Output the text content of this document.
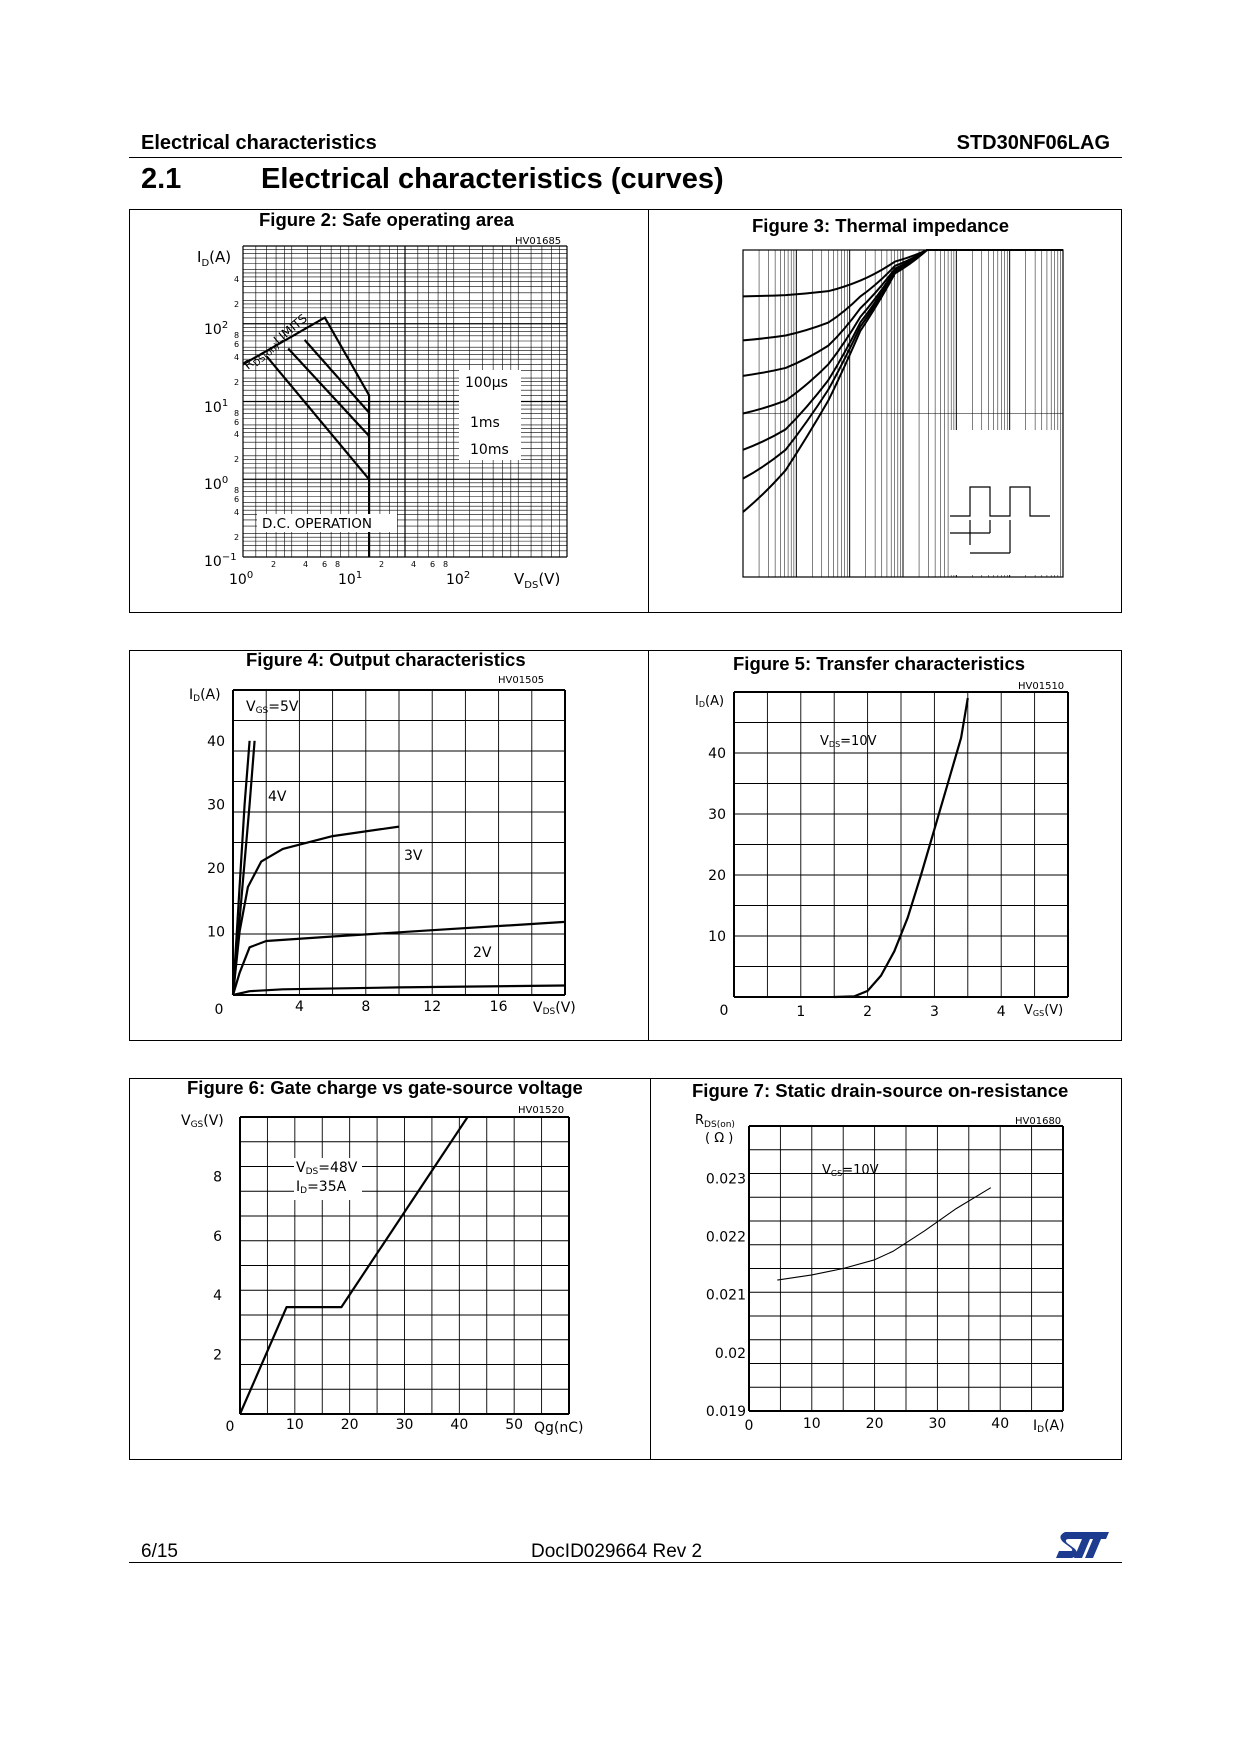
Electrical characteristics	STD30NF06LAG
2.1	Electrical characteristics (curves)
Figure 2: Safe operating area	Figure 3: Thermal impedance
Figure 4: Output characteristics	Figure 5: Transfer characteristics
Figure 6: Gate charge vs gate-source voltage	Figure 7: Static drain-source on-resistance
HV01685
$I_D(A)$
$V_{DS}(V)$
$10^{-1}$
$10^0$
$10^1$
$10^2$
$10^0$	$10^1$	$10^2$
4
2
8
6
4
2
8
6
4
2
8
6
4
2
2	4 6 8	2	4 6 8
$R_{DS(on)}LIMITS$
100μs
1ms
10ms
D.C. OPERATION
HV01505
ID(A)
VDS(V)
VGS=5V
4V
3V
2V
4	8	12	16
10
20
30
40
0
HV01510
ID(A)
VGS(V)
VDS=10V
1	2	3	4
10
20
30
40
0
HV01520
VGS(V)
Qg(nC)
VDS=48V
ID=35A
10	20	30	40	50
2
4
6
8
0
HV01680
$R_{DS(on)}$
( Ω )
ID(A)
VGS=10V
10	20	30	40
0.019
0.02
0.021
0.022
0.023
0
6/15	DocID029664 Rev 2
